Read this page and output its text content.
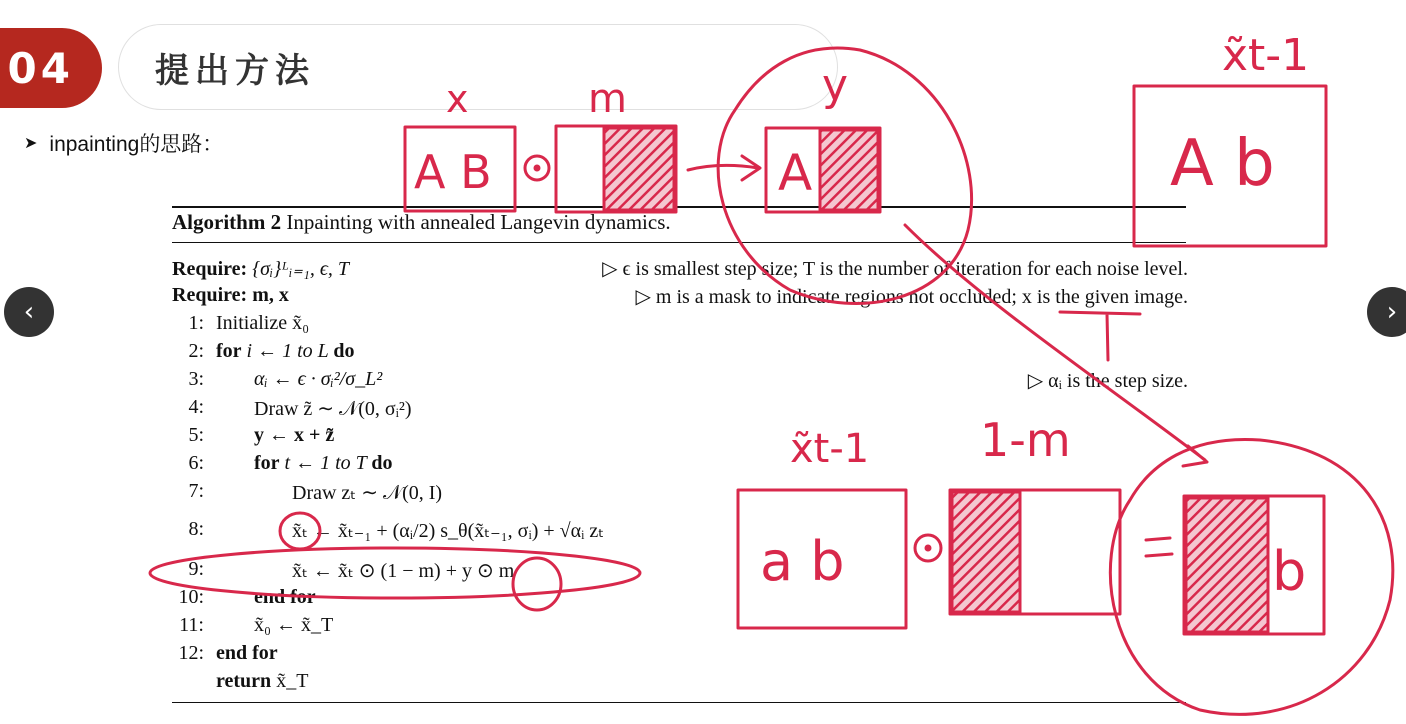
04 提出方法
➤ inpainting的思路：
Algorithm 2 Inpainting with annealed Langevin dynamics.
Require: {σᵢ}ᴸᵢ₌₁, ϵ, T	▷ ϵ is smallest step size; T is the number of iteration for each noise level.
Require: m, x	▷ m is a mask to indicate regions not occluded; x is the given image.
1: Initialize x̃₀
2: for i ← 1 to L do
3:	αᵢ ← ϵ · σᵢ²/σ_L²	▷ αᵢ is the step size.
4:	Draw z̃ ∼ 𝒩(0, σᵢ²)
5:	y ← x + z̃
6:	for t ← 1 to T do
7:	Draw zₜ ∼ 𝒩(0, I)
8:	x̃ₜ ← x̃ₜ₋₁ + (αᵢ/2) s_θ(x̃ₜ₋₁, σᵢ) + √αᵢ zₜ
9:	x̃ₜ ← x̃ₜ ⊙ (1 − m) + y ⊙ m
10:	end for
11:	x̃₀ ← x̃_T
12: end for
return x̃_T
‹	›
x	m	y
A B	A
x̃t-1
A b
x̃t-1 1-m
a b	b
